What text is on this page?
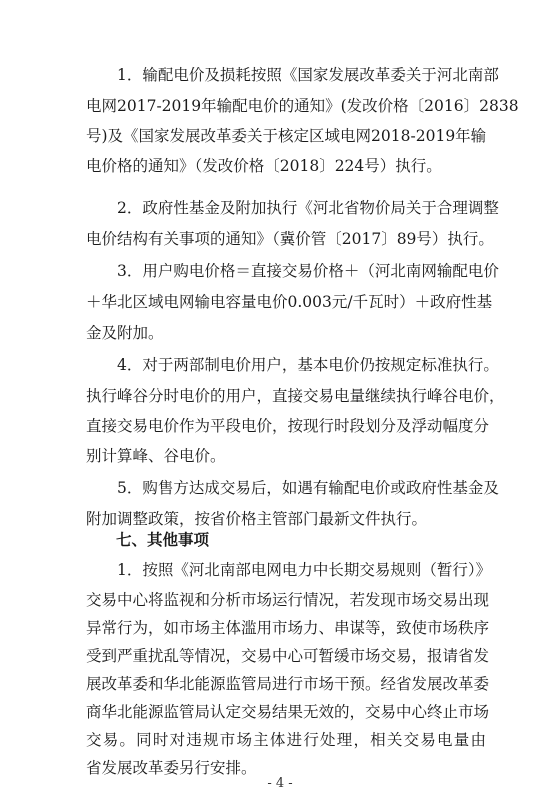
　　1．输配电价及损耗按照《国家发展改革委关于河北南部
电网2017-2019年输配电价的通知》(发改价格〔2016〕2838
号)及《国家发展改革委关于核定区域电网2018-2019年输
电价格的通知》（发改价格〔2018〕224号）执行。
　　2．政府性基金及附加执行《河北省物价局关于合理调整
电价结构有关事项的通知》（冀价管〔2017〕89号）执行。
　　3．用户购电价格＝直接交易价格＋（河北南网输配电价
＋华北区域电网输电容量电价0.003元/千瓦时）＋政府性基
金及附加。
　　4．对于两部制电价用户，基本电价仍按规定标准执行。
执行峰谷分时电价的用户，直接交易电量继续执行峰谷电价，
直接交易电价作为平段电价，按现行时段划分及浮动幅度分
别计算峰、谷电价。
　　5．购售方达成交易后，如遇有输配电价或政府性基金及
附加调整政策，按省价格主管部门最新文件执行。
七、其他事项
　　1．按照《河北南部电网电力中长期交易规则（暂行）》
交易中心将监视和分析市场运行情况，若发现市场交易出现
异常行为，如市场主体滥用市场力、串谋等，致使市场秩序
受到严重扰乱等情况，交易中心可暂缓市场交易，报请省发
展改革委和华北能源监管局进行市场干预。经省发展改革委
商华北能源监管局认定交易结果无效的，交易中心终止市场
交易。同时对违规市场主体进行处理，相关交易电量由
省发展改革委另行安排。
- 4 -
